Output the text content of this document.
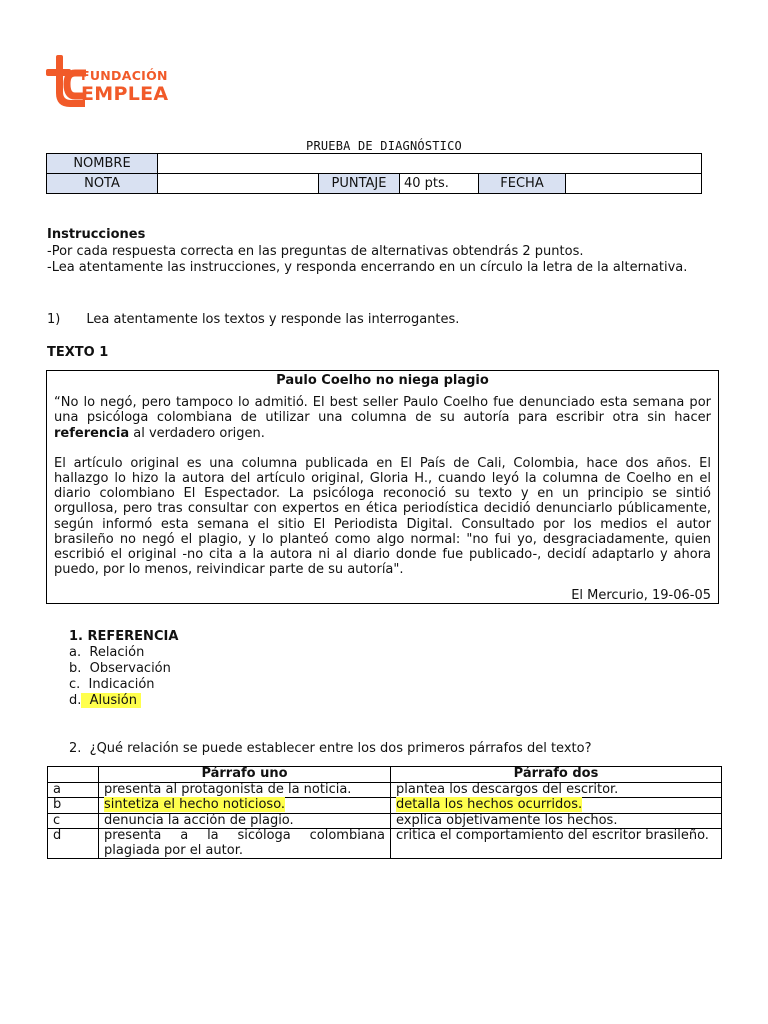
FUNDACIÓN
EMPLEA
PRUEBA DE DIAGNÓSTICO
NOMBRE					
NOTA		PUNTAJE	40 pts.	FECHA	
Instrucciones
-Por cada respuesta correcta en las preguntas de alternativas obtendrás 2 puntos.
-Lea atentamente las instrucciones, y responda encerrando en un círculo la letra de la alternativa.
1) Lea atentamente los textos y responde las interrogantes.
TEXTO 1
Paulo Coelho no niega plagio

“No lo negó, pero tampoco lo admitió. El best seller Paulo Coelho fue denunciado esta semana por una psicóloga colombiana de utilizar una columna de su autoría para escribir otra sin hacer referencia al verdadero origen.

El artículo original es una columna publicada en El País de Cali, Colombia, hace dos años. El hallazgo lo hizo la autora del artículo original, Gloria H., cuando leyó la columna de Coelho en el diario colombiano El Espectador. La psicóloga reconoció su texto y en un principio se sintió orgullosa, pero tras consultar con expertos en ética periodística decidió denunciarlo públicamente, según informó esta semana el sitio El Periodista Digital. Consultado por los medios el autor brasileño no negó el plagio, y lo planteó como algo normal: "no fui yo, desgraciadamente, quien escribió el original -no cita a la autora ni al diario donde fue publicado-, decidí adaptarlo y ahora puedo, por lo menos, reivindicar parte de su autoría".

El Mercurio, 19-06-05

1. REFERENCIA
a. Relación
b. Observación
c. Indicación
d. Alusión
2. ¿Qué relación se puede establecer entre los dos primeros párrafos del texto?
	Párrafo uno	Párrafo dos
a	presenta al protagonista de la noticia.	plantea los descargos del escritor.
b	sintetiza el hecho noticioso.	detalla los hechos ocurridos.
c	denuncia la acción de plagio.	explica objetivamente los hechos.
d	presenta a la sicóloga colombiana plagiada por el autor.	critica el comportamiento del escritor brasileño.
